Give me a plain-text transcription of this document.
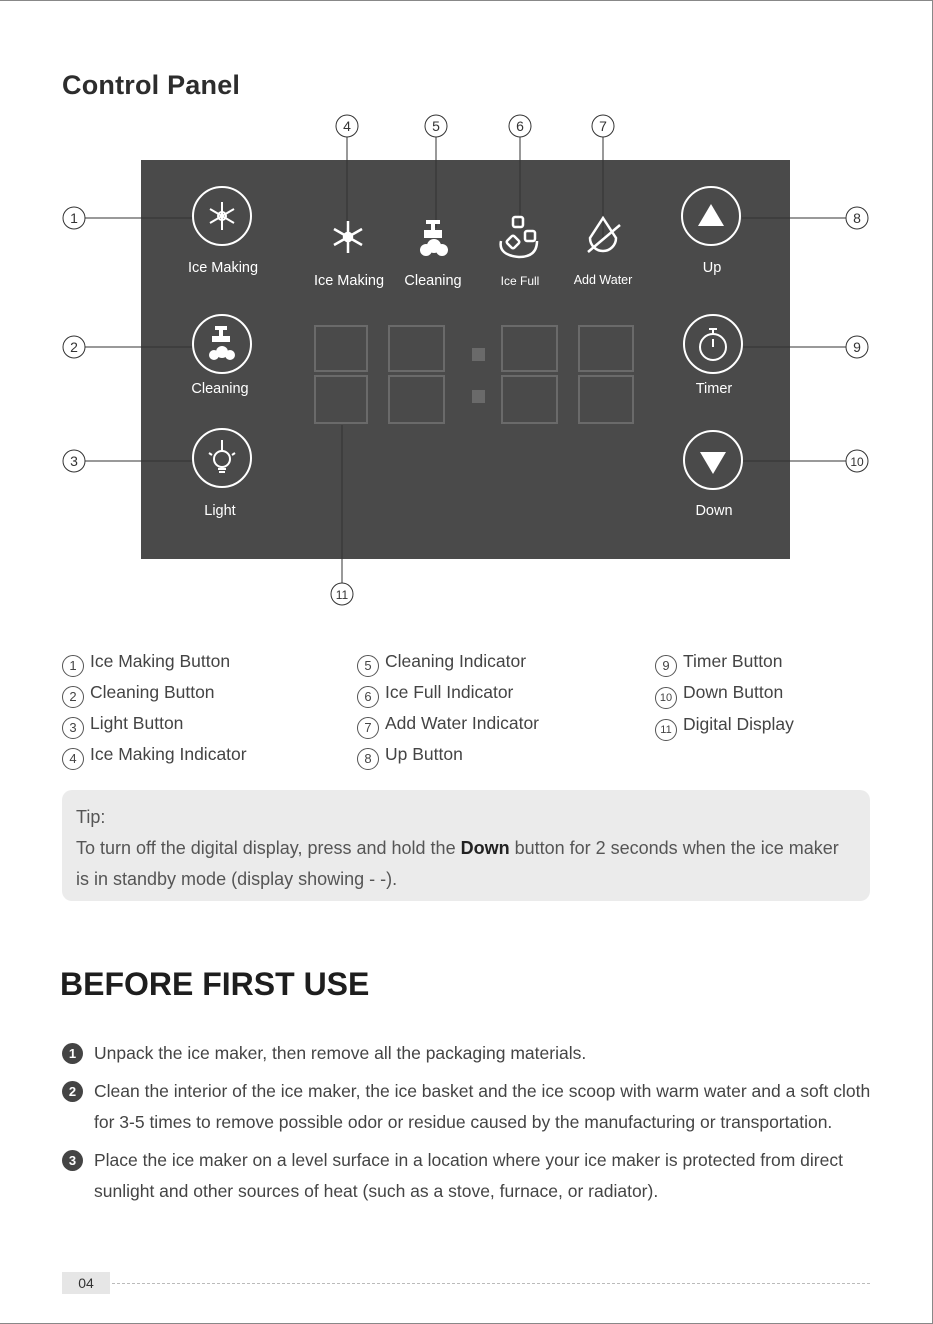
Control Panel
1
2
3
4	5	6	7
8
9
10
11
Ice Making
Cleaning
Light
Ice Making Cleaning	Ice Full	Add Water
Up
Timer
Down
1 Ice Making Button
2 Cleaning Button
3 Light Button
4 Ice Making Indicator
5 Cleaning Indicator
6 Ice Full Indicator
7 Add Water Indicator
8 Up Button
9 Timer Button
10 Down Button
11 Digital Display
Tip:
To turn off the digital display, press and hold the Down button for 2 seconds when the ice maker is in standby mode (display showing - -).
BEFORE FIRST USE
1	Unpack the ice maker, then remove all the packaging materials.
2	Clean the interior of the ice maker, the ice basket and the ice scoop with warm water and a soft cloth for 3-5 times to remove possible odor or residue caused by the manufacturing or transportation.
3	Place the ice maker on a level surface in a location where your ice maker is protected from direct sunlight and other sources of heat (such as a stove, furnace, or radiator).
04
